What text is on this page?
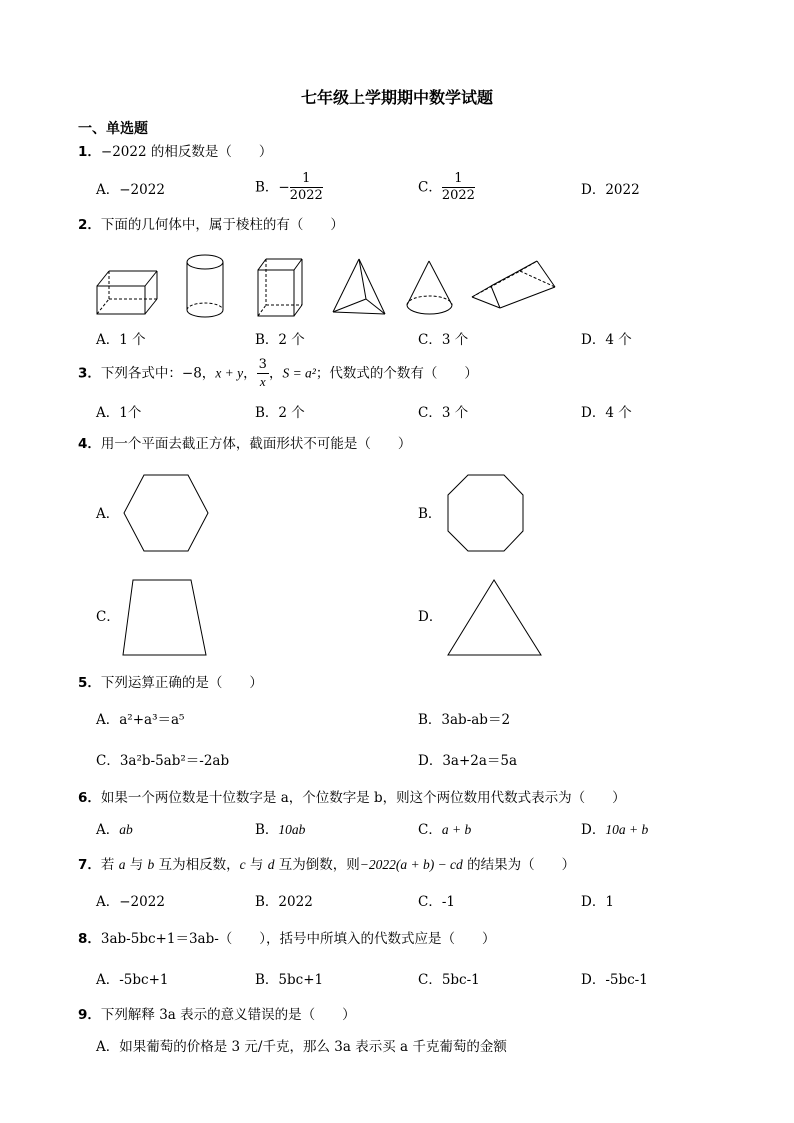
七年级上学期期中数学试题
一、单选题
1．−2022 的相反数是（　　）
A．−2022	B．− $\frac{1}{2022}$	C． $\frac{1}{2022}$	D．2022
2．下面的几何体中，属于棱柱的有（　　）
A．1 个	B．2 个	C．3 个	D．4 个
3．下列各式中：−8，x + y， $\frac{3}{x}$ ，S = a²；代数式的个数有（　　）
A．1个	B．2 个	C．3 个	D．4 个
4．用一个平面去截正方体，截面形状不可能是（　　）
A．	B．
C．	D．
5．下列运算正确的是（　　）
A．a²+a³＝a⁵	B．3ab-ab＝2
C．3a²b-5ab²＝-2ab	D．3a+2a＝5a
6．如果一个两位数是十位数字是 a，个位数字是 b，则这个两位数用代数式表示为（　　）
A．ab	B．10ab	C．a + b	D．10a + b
7．若 a 与 b 互为相反数，c 与 d 互为倒数，则−2022(a + b) − cd 的结果为（　　）
A．−2022	B．2022	C．-1	D．1
8．3ab-5bc+1＝3ab-（　　），括号中所填入的代数式应是（　　）
A．-5bc+1	B．5bc+1	C．5bc-1	D．-5bc-1
9．下列解释 3a 表示的意义错误的是（　　）
A．如果葡萄的价格是 3 元/千克，那么 3a 表示买 a 千克葡萄的金额
